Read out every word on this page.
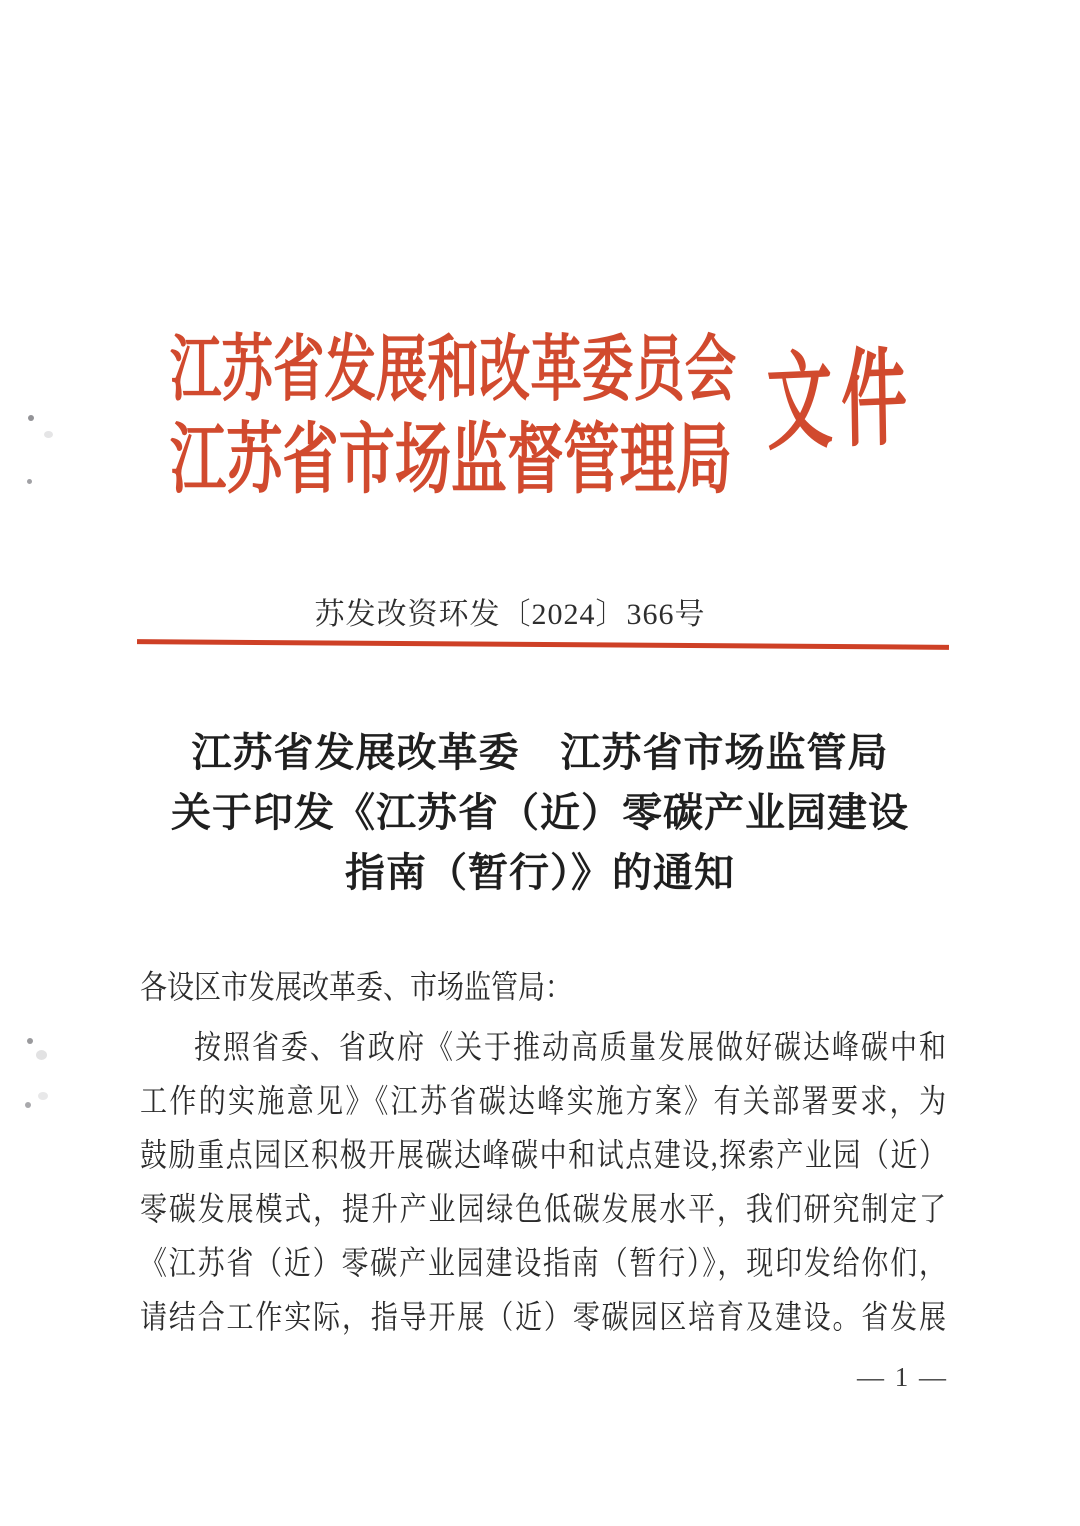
江苏省发展和改革委员会
江苏省市场监督管理局 文件
苏发改资环发〔2024〕366号
江苏省发展改革委　江苏省市场监管局
关于印发《江苏省（近）零碳产业园建设
指南（暂行）》的通知
各设区市发展改革委、市场监管局：
按照省委、省政府《关于推动高质量发展做好碳达峰碳中和
工作的实施意见》《江苏省碳达峰实施方案》有关部署要求，为
鼓励重点园区积极开展碳达峰碳中和试点建设,探索产业园（近）
零碳发展模式，提升产业园绿色低碳发展水平，我们研究制定了
《江苏省（近）零碳产业园建设指南（暂行）》，现印发给你们，
请结合工作实际，指导开展（近）零碳园区培育及建设。省发展
— 1 —
